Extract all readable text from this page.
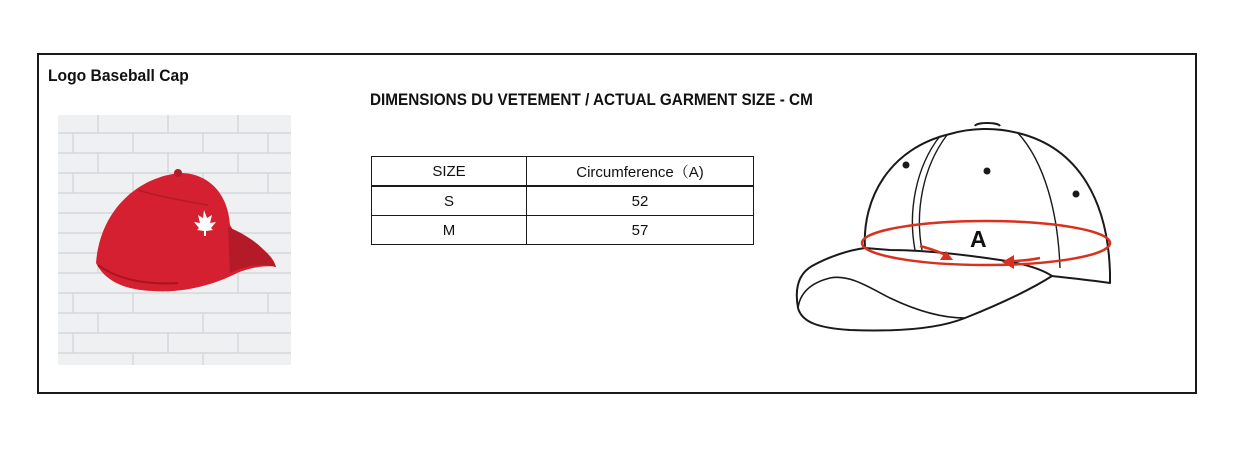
Logo Baseball Cap
DIMENSIONS DU VETEMENT / ACTUAL GARMENT SIZE - CM
SIZE	Circumference（A)
S	52
M	57	A
